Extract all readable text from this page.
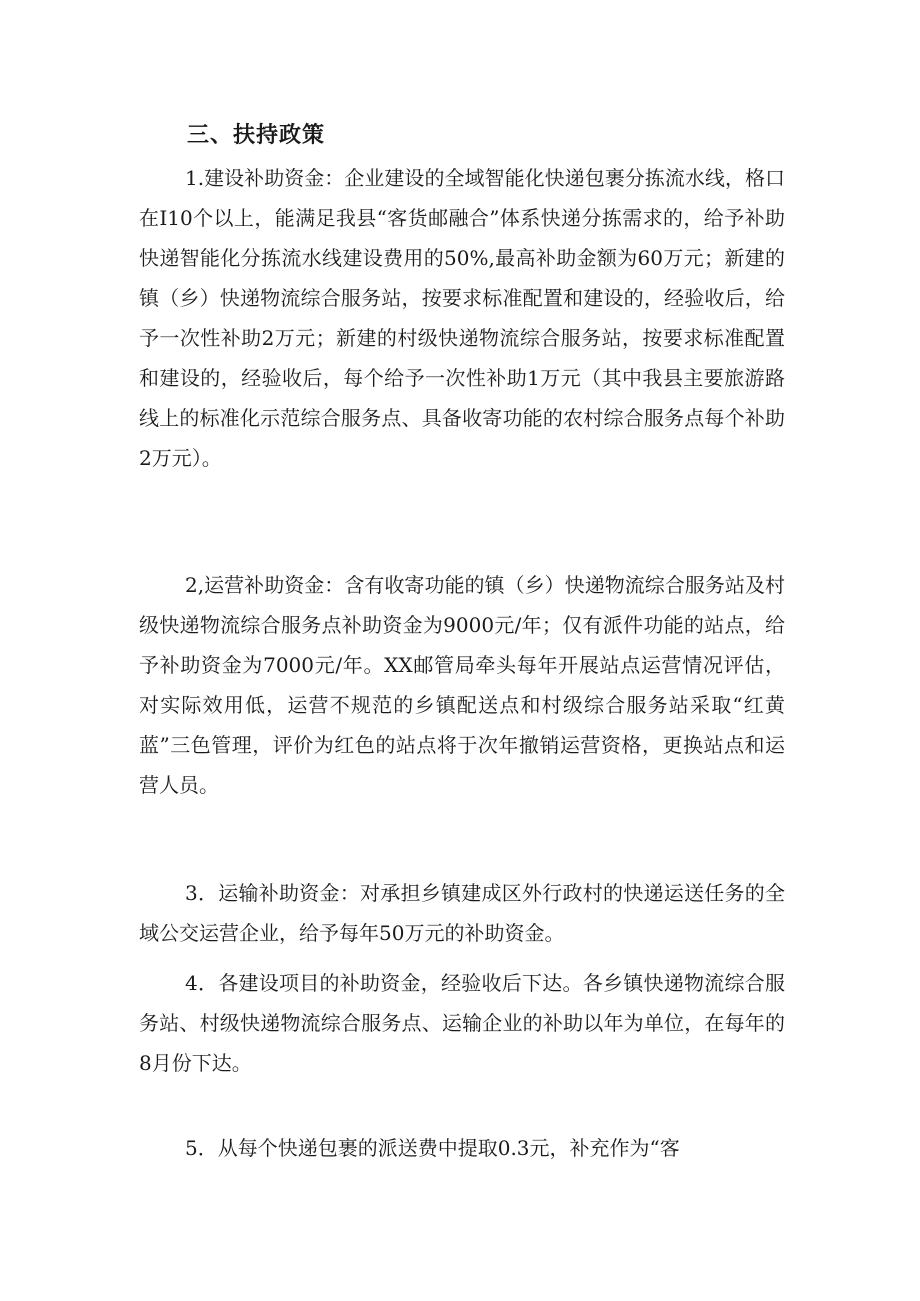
三、扶持政策

1.建设补助资金：企业建设的全域智能化快递包裹分拣流水线，格口在I10个以上，能满足我县“客货邮融合”体系快递分拣需求的，给予补助快递智能化分拣流水线建设费用的50%,最高补助金额为60万元；新建的镇（乡）快递物流综合服务站，按要求标准配置和建设的，经验收后，给予一次性补助2万元；新建的村级快递物流综合服务站，按要求标准配置和建设的，经验收后，每个给予一次性补助1万元（其中我县主要旅游路线上的标准化示范综合服务点、具备收寄功能的农村综合服务点每个补助2万元）。

2,运营补助资金：含有收寄功能的镇（乡）快递物流综合服务站及村级快递物流综合服务点补助资金为9000元/年；仅有派件功能的站点，给予补助资金为7000元/年。XX邮管局牵头每年开展站点运营情况评估，对实际效用低，运营不规范的乡镇配送点和村级综合服务站采取“红黄蓝”三色管理，评价为红色的站点将于次年撤销运营资格，更换站点和运营人员。

3．运输补助资金：对承担乡镇建成区外行政村的快递运送任务的全域公交运营企业，给予每年50万元的补助资金。

4．各建设项目的补助资金，经验收后下达。各乡镇快递物流综合服务站、村级快递物流综合服务点、运输企业的补助以年为单位，在每年的8月份下达。

5．从每个快递包裹的派送费中提取0.3元，补充作为“客
